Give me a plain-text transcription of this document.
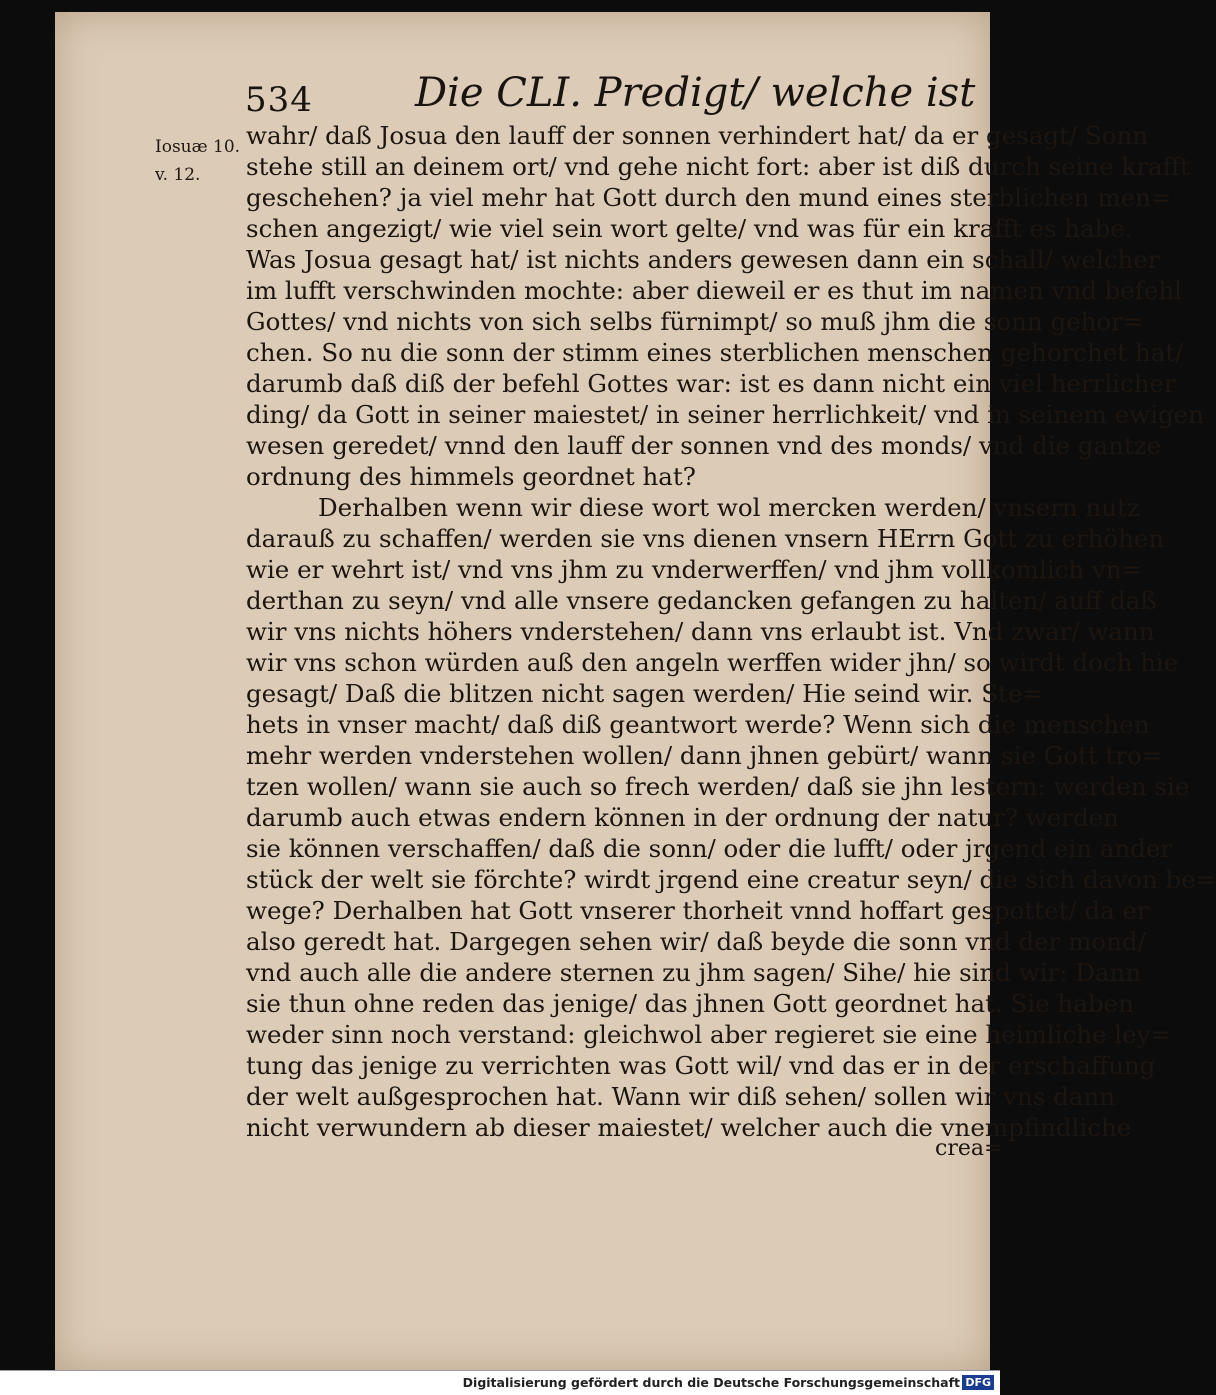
534	Die CLI. Predigt/ welche ist
Iosuæ 10.
v. 12.
wahr/ daß Josua den lauff der sonnen verhindert hat/ da er gesagt/ Sonn
stehe still an deinem ort/ vnd gehe nicht fort: aber ist diß durch seine krafft
geschehen? ja viel mehr hat Gott durch den mund eines sterblichen men=
schen angezigt/ wie viel sein wort gelte/ vnd was für ein krafft es habe.
Was Josua gesagt hat/ ist nichts anders gewesen dann ein schall/ welcher
im lufft verschwinden mochte: aber dieweil er es thut im namen vnd befehl
Gottes/ vnd nichts von sich selbs fürnimpt/ so muß jhm die sonn gehor=
chen. So nu die sonn der stimm eines sterblichen menschen gehorchet hat/
darumb daß diß der befehl Gottes war: ist es dann nicht ein viel herrlicher
ding/ da Gott in seiner maiestet/ in seiner herrlichkeit/ vnd in seinem ewigen
wesen geredet/ vnnd den lauff der sonnen vnd des monds/ vnd die gantze
ordnung des himmels geordnet hat?
Derhalben wenn wir diese wort wol mercken werden/ vnsern nutz
darauß zu schaffen/ werden sie vns dienen vnsern HErrn Gott zu erhöhen
wie er wehrt ist/ vnd vns jhm zu vnderwerffen/ vnd jhm vollkomlich vn=
derthan zu seyn/ vnd alle vnsere gedancken gefangen zu halten/ auff daß
wir vns nichts höhers vnderstehen/ dann vns erlaubt ist. Vnd zwar/ wann
wir vns schon würden auß den angeln werffen wider jhn/ so wirdt doch hie
gesagt/ Daß die blitzen nicht sagen werden/ Hie seind wir. Ste=
hets in vnser macht/ daß diß geantwort werde? Wenn sich die menschen
mehr werden vnderstehen wollen/ dann jhnen gebürt/ wann sie Gott tro=
tzen wollen/ wann sie auch so frech werden/ daß sie jhn lestern: werden sie
darumb auch etwas endern können in der ordnung der natur? werden
sie können verschaffen/ daß die sonn/ oder die lufft/ oder jrgend ein ander
stück der welt sie förchte? wirdt jrgend eine creatur seyn/ die sich davon be=
wege? Derhalben hat Gott vnserer thorheit vnnd hoffart gespottet/ da er
also geredt hat. Dargegen sehen wir/ daß beyde die sonn vnd der mond/
vnd auch alle die andere sternen zu jhm sagen/ Sihe/ hie sind wir: Dann
sie thun ohne reden das jenige/ das jhnen Gott geordnet hat. Sie haben
weder sinn noch verstand: gleichwol aber regieret sie eine heimliche ley=
tung das jenige zu verrichten was Gott wil/ vnd das er in der erschaffung
der welt außgesprochen hat. Wann wir diß sehen/ sollen wir vns dann
nicht verwundern ab dieser maiestet/ welcher auch die vnempfindliche
crea=
Digitalisierung gefördert durch die Deutsche Forschungsgemeinschaft DFG
